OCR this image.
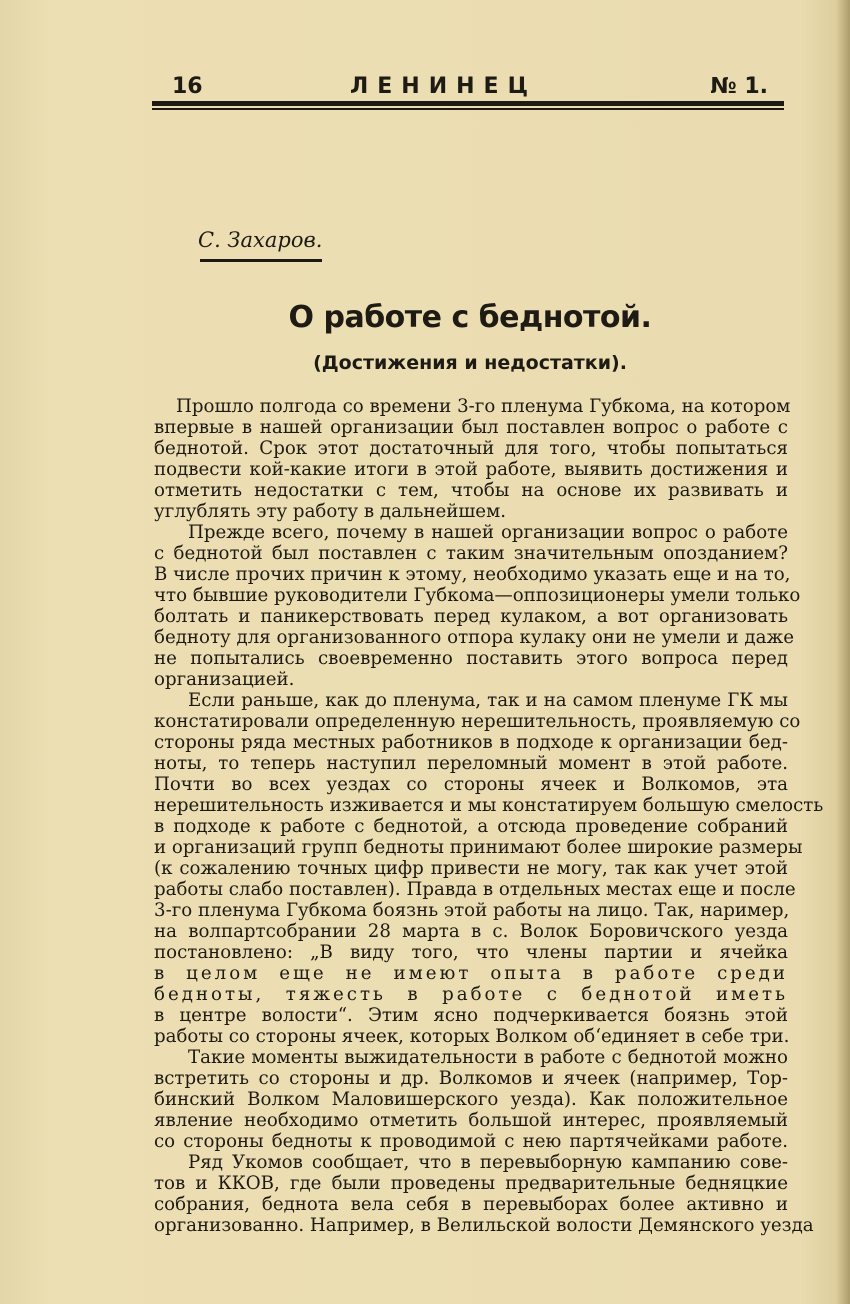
16	ЛЕНИНЕЦ	№ 1.
С. Захаров.
О работе с беднотой.
(Достижения и недостатки).
Прошло полгода со времени 3-го пленума Губкома, на котором
впервые в нашей организации был поставлен вопрос о работе с
беднотой. Срок этот достаточный для того, чтобы попытаться
подвести кой-какие итоги в этой работе, выявить достижения и
отметить недостатки с тем, чтобы на основе их развивать и
углублять эту работу в дальнейшем.
Прежде всего, почему в нашей организации вопрос о работе
с беднотой был поставлен с таким значительным опозданием?
В числе прочих причин к этому, необходимо указать еще и на то,
что бывшие руководители Губкома—оппозиционеры умели только
болтать и паникерствовать перед кулаком, а вот организовать
бедноту для организованного отпора кулаку они не умели и даже
не попытались своевременно поставить этого вопроса перед
организацией.
Если раньше, как до пленума, так и на самом пленуме ГК мы
констатировали определенную нерешительность, проявляемую со
стороны ряда местных работников в подходе к организации бед-
ноты, то теперь наступил переломный момент в этой работе.
Почти во всех уездах со стороны ячеек и Волкомов, эта
нерешительность изживается и мы констатируем большую смелость
в подходе к работе с беднотой, а отсюда проведение собраний
и организаций групп бедноты принимают более широкие размеры
(к сожалению точных цифр привести не могу, так как учет этой
работы слабо поставлен). Правда в отдельных местах еще и после
3-го пленума Губкома боязнь этой работы на лицо. Так, наример,
на волпартсобрании 28 марта в с. Волок Боровичского уезда
постановлено: „В виду того, что члены партии и ячейка
в целом еще не имеют опыта в работе среди
бедноты, тяжесть в работе с беднотой иметь
в центре волости“. Этим ясно подчеркивается боязнь этой
работы со стороны ячеек, которых Волком об‘единяет в себе три.
Такие моменты выжидательности в работе с беднотой можно
встретить со стороны и др. Волкомов и ячеек (например, Тор-
бинский Волком Маловишерского уезда). Как положительное
явление необходимо отметить большой интерес, проявляемый
со стороны бедноты к проводимой с нею партячейками работе.
Ряд Укомов сообщает, что в перевыборную кампанию сове-
тов и ККОВ, где были проведены предварительные бедняцкие
собрания, беднота вела себя в перевыборах более активно и
организованно. Например, в Велильской волости Демянского уезда
